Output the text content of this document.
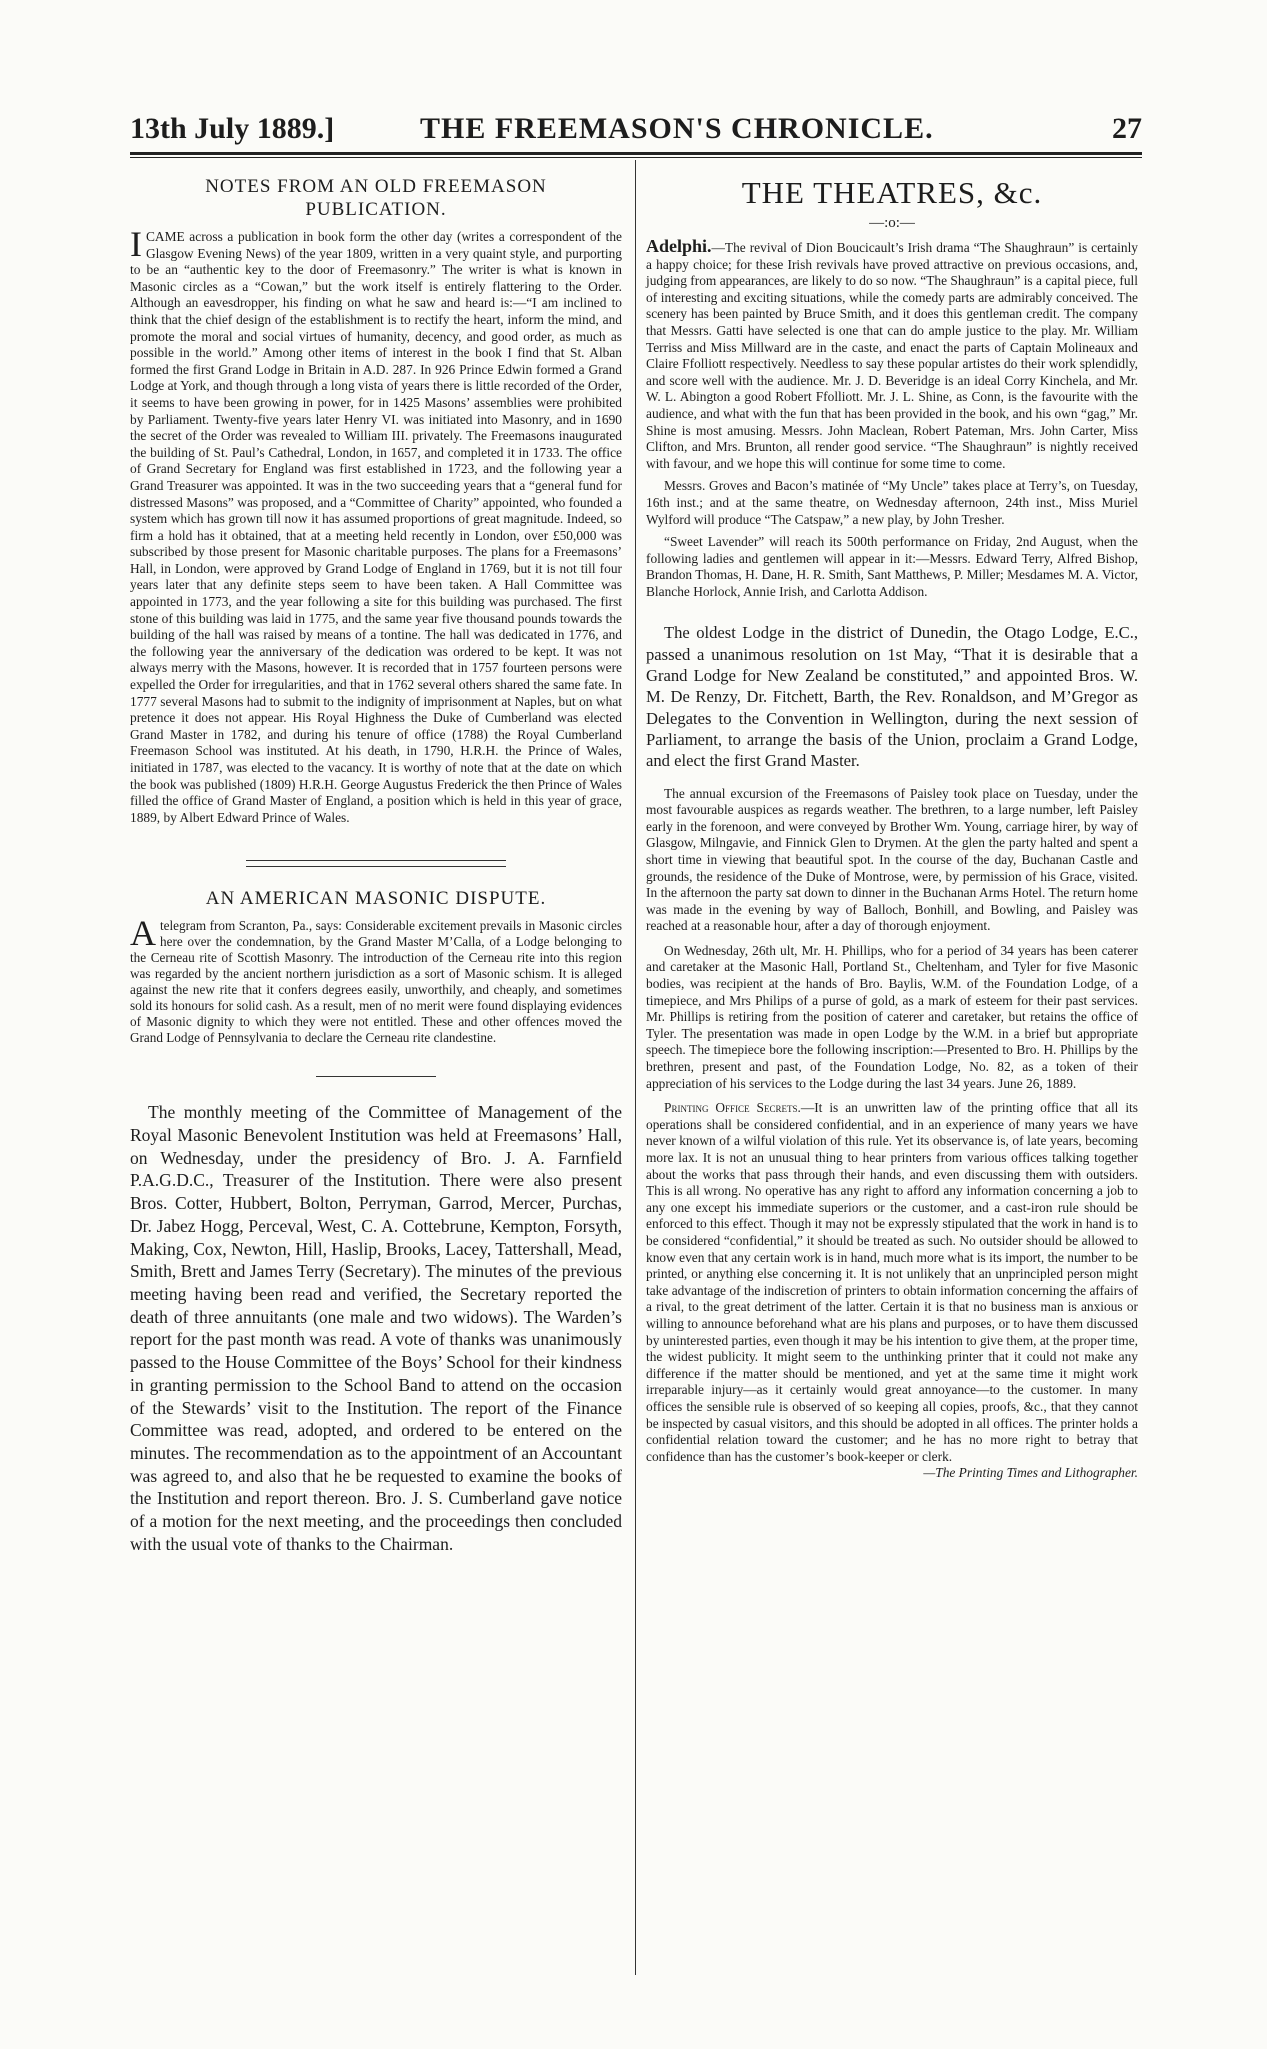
13th July 1889.]	THE FREEMASON'S CHRONICLE.	27
NOTES FROM AN OLD FREEMASON PUBLICATION.

ICAME across a publication in book form the other day (writes a correspondent of the Glasgow Evening News) of the year 1809, written in a very quaint style, and purporting to be an “authentic key to the door of Freemasonry.” The writer is what is known in Masonic circles as a “Cowan,” but the work itself is entirely flattering to the Order. Although an eavesdropper, his finding on what he saw and heard is:—“I am inclined to think that the chief design of the establishment is to rectify the heart, inform the mind, and promote the moral and social virtues of humanity, decency, and good order, as much as possible in the world.” Among other items of interest in the book I find that St. Alban formed the first Grand Lodge in Britain in A.D. 287. In 926 Prince Edwin formed a Grand Lodge at York, and though through a long vista of years there is little recorded of the Order, it seems to have been growing in power, for in 1425 Masons’ assemblies were prohibited by Parliament. Twenty-five years later Henry VI. was initiated into Masonry, and in 1690 the secret of the Order was revealed to William III. privately. The Freemasons inaugurated the building of St. Paul’s Cathedral, London, in 1657, and completed it in 1733. The office of Grand Secretary for England was first established in 1723, and the following year a Grand Treasurer was appointed. It was in the two succeeding years that a “general fund for distressed Masons” was proposed, and a “Committee of Charity” appointed, who founded a system which has grown till now it has assumed proportions of great magnitude. Indeed, so firm a hold has it obtained, that at a meeting held recently in London, over £50,000 was subscribed by those present for Masonic charitable purposes. The plans for a Freemasons’ Hall, in London, were approved by Grand Lodge of England in 1769, but it is not till four years later that any definite steps seem to have been taken. A Hall Committee was appointed in 1773, and the year following a site for this building was purchased. The first stone of this building was laid in 1775, and the same year five thousand pounds towards the building of the hall was raised by means of a tontine. The hall was dedicated in 1776, and the following year the anniversary of the dedication was ordered to be kept. It was not always merry with the Masons, however. It is recorded that in 1757 fourteen persons were expelled the Order for irregularities, and that in 1762 several others shared the same fate. In 1777 several Masons had to submit to the indignity of imprisonment at Naples, but on what pretence it does not appear. His Royal Highness the Duke of Cumberland was elected Grand Master in 1782, and during his tenure of office (1788) the Royal Cumberland Freemason School was instituted. At his death, in 1790, H.R.H. the Prince of Wales, initiated in 1787, was elected to the vacancy. It is worthy of note that at the date on which the book was published (1809) H.R.H. George Augustus Frederick the then Prince of Wales filled the office of Grand Master of England, a position which is held in this year of grace, 1889, by Albert Edward Prince of Wales.

AN AMERICAN MASONIC DISPUTE.

Atelegram from Scranton, Pa., says: Considerable excitement prevails in Masonic circles here over the condemnation, by the Grand Master M’Calla, of a Lodge belonging to the Cerneau rite of Scottish Masonry. The introduction of the Cerneau rite into this region was regarded by the ancient northern jurisdiction as a sort of Masonic schism. It is alleged against the new rite that it confers degrees easily, unworthily, and cheaply, and sometimes sold its honours for solid cash. As a result, men of no merit were found displaying evidences of Masonic dignity to which they were not entitled. These and other offences moved the Grand Lodge of Pennsylvania to declare the Cerneau rite clandestine.

The monthly meeting of the Committee of Management of the Royal Masonic Benevolent Institution was held at Freemasons’ Hall, on Wednesday, under the presidency of Bro. J. A. Farnfield P.A.G.D.C., Treasurer of the Institution. There were also present Bros. Cotter, Hubbert, Bolton, Perryman, Garrod, Mercer, Purchas, Dr. Jabez Hogg, Perceval, West, C. A. Cottebrune, Kempton, Forsyth, Making, Cox, Newton, Hill, Haslip, Brooks, Lacey, Tattershall, Mead, Smith, Brett and James Terry (Secretary). The minutes of the previous meeting having been read and verified, the Secretary reported the death of three annuitants (one male and two widows). The Warden’s report for the past month was read. A vote of thanks was unanimously passed to the House Committee of the Boys’ School for their kindness in granting permission to the School Band to attend on the occasion of the Stewards’ visit to the Institution. The report of the Finance Committee was read, adopted, and ordered to be entered on the minutes. The recommendation as to the appointment of an Accountant was agreed to, and also that he be requested to examine the books of the Institution and report thereon. Bro. J. S. Cumberland gave notice of a motion for the next meeting, and the proceedings then concluded with the usual vote of thanks to the Chairman.

THE THEATRES, &c.
—:o:—

Adelphi.—The revival of Dion Boucicault’s Irish drama “The Shaughraun” is certainly a happy choice; for these Irish revivals have proved attractive on previous occasions, and, judging from appearances, are likely to do so now. “The Shaughraun” is a capital piece, full of interesting and exciting situations, while the comedy parts are admirably conceived. The scenery has been painted by Bruce Smith, and it does this gentleman credit. The company that Messrs. Gatti have selected is one that can do ample justice to the play. Mr. William Terriss and Miss Millward are in the caste, and enact the parts of Captain Molineaux and Claire Ffolliott respectively. Needless to say these popular artistes do their work splendidly, and score well with the audience. Mr. J. D. Beveridge is an ideal Corry Kinchela, and Mr. W. L. Abington a good Robert Ffolliott. Mr. J. L. Shine, as Conn, is the favourite with the audience, and what with the fun that has been provided in the book, and his own “gag,” Mr. Shine is most amusing. Messrs. John Maclean, Robert Pateman, Mrs. John Carter, Miss Clifton, and Mrs. Brunton, all render good service. “The Shaughraun” is nightly received with favour, and we hope this will continue for some time to come.

Messrs. Groves and Bacon’s matinée of “My Uncle” takes place at Terry’s, on Tuesday, 16th inst.; and at the same theatre, on Wednesday afternoon, 24th inst., Miss Muriel Wylford will produce “The Catspaw,” a new play, by John Tresher.

“Sweet Lavender” will reach its 500th performance on Friday, 2nd August, when the following ladies and gentlemen will appear in it:—Messrs. Edward Terry, Alfred Bishop, Brandon Thomas, H. Dane, H. R. Smith, Sant Matthews, P. Miller; Mesdames M. A. Victor, Blanche Horlock, Annie Irish, and Carlotta Addison.

The oldest Lodge in the district of Dunedin, the Otago Lodge, E.C., passed a unanimous resolution on 1st May, “That it is desirable that a Grand Lodge for New Zealand be constituted,” and appointed Bros. W. M. De Renzy, Dr. Fitchett, Barth, the Rev. Ronaldson, and M’Gregor as Delegates to the Convention in Wellington, during the next session of Parliament, to arrange the basis of the Union, proclaim a Grand Lodge, and elect the first Grand Master.

The annual excursion of the Freemasons of Paisley took place on Tuesday, under the most favourable auspices as regards weather. The brethren, to a large number, left Paisley early in the forenoon, and were conveyed by Brother Wm. Young, carriage hirer, by way of Glasgow, Milngavie, and Finnick Glen to Drymen. At the glen the party halted and spent a short time in viewing that beautiful spot. In the course of the day, Buchanan Castle and grounds, the residence of the Duke of Montrose, were, by permission of his Grace, visited. In the afternoon the party sat down to dinner in the Buchanan Arms Hotel. The return home was made in the evening by way of Balloch, Bonhill, and Bowling, and Paisley was reached at a reasonable hour, after a day of thorough enjoyment.

On Wednesday, 26th ult, Mr. H. Phillips, who for a period of 34 years has been caterer and caretaker at the Masonic Hall, Portland St., Cheltenham, and Tyler for five Masonic bodies, was recipient at the hands of Bro. Baylis, W.M. of the Foundation Lodge, of a timepiece, and Mrs Philips of a purse of gold, as a mark of esteem for their past services. Mr. Phillips is retiring from the position of caterer and caretaker, but retains the office of Tyler. The presentation was made in open Lodge by the W.M. in a brief but appropriate speech. The timepiece bore the following inscription:—Presented to Bro. H. Phillips by the brethren, present and past, of the Foundation Lodge, No. 82, as a token of their appreciation of his services to the Lodge during the last 34 years. June 26, 1889.

Printing Office Secrets.—It is an unwritten law of the printing office that all its operations shall be considered confidential, and in an experience of many years we have never known of a wilful violation of this rule. Yet its observance is, of late years, becoming more lax. It is not an unusual thing to hear printers from various offices talking together about the works that pass through their hands, and even discussing them with outsiders. This is all wrong. No operative has any right to afford any information concerning a job to any one except his immediate superiors or the customer, and a cast-iron rule should be enforced to this effect. Though it may not be expressly stipulated that the work in hand is to be considered “confidential,” it should be treated as such. No outsider should be allowed to know even that any certain work is in hand, much more what is its import, the number to be printed, or anything else concerning it. It is not unlikely that an unprincipled person might take advantage of the indiscretion of printers to obtain information concerning the affairs of a rival, to the great detriment of the latter. Certain it is that no business man is anxious or willing to announce beforehand what are his plans and purposes, or to have them discussed by uninterested parties, even though it may be his intention to give them, at the proper time, the widest publicity. It might seem to the unthinking printer that it could not make any difference if the matter should be mentioned, and yet at the same time it might work irreparable injury—as it certainly would great annoyance—to the customer. In many offices the sensible rule is observed of so keeping all copies, proofs, &c., that they cannot be inspected by casual visitors, and this should be adopted in all offices. The printer holds a confidential relation toward the customer; and he has no more right to betray that confidence than has the customer’s book-keeper or clerk.

—The Printing Times and Lithographer.
